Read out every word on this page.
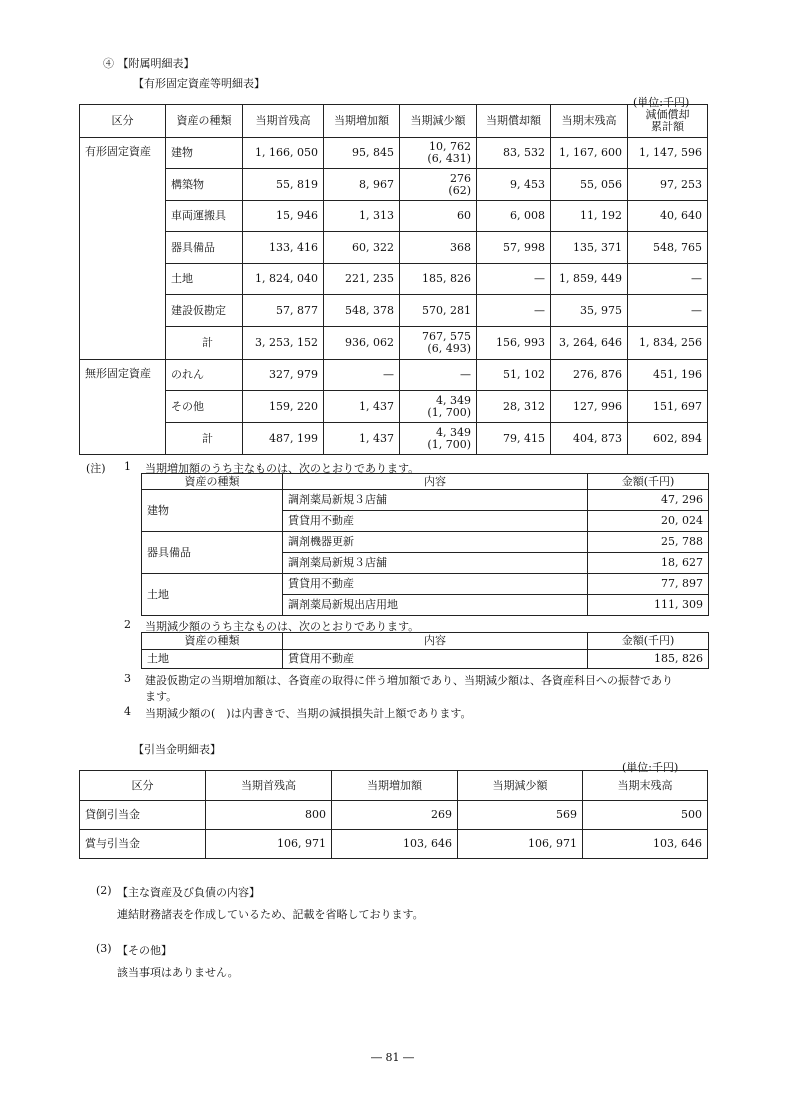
④ 【附属明細表】
【有形固定資産等明細表】
(単位:千円)
区分	資産の種類	当期首残高	当期増加額	当期減少額	当期償却額	当期末残高	減価償却
累計額
有形固定資産	建物	1, 166, 050	95, 845	10, 762
(6, 431)	83, 532	1, 167, 600	1, 147, 596
	構築物	55, 819	8, 967	276
(62)	9, 453	55, 056	97, 253
	車両運搬具	15, 946	1, 313	60	6, 008	11, 192	40, 640
	器具備品	133, 416	60, 322	368	57, 998	135, 371	548, 765
	土地	1, 824, 040	221, 235	185, 826	—	1, 859, 449	—
	建設仮勘定	57, 877	548, 378	570, 281	—	35, 975	—
	計	3, 253, 152	936, 062	767, 575
(6, 493)	156, 993	3, 264, 646	1, 834, 256
無形固定資産	のれん	327, 979	—	—	51, 102	276, 876	451, 196
	その他	159, 220	1, 437	4, 349
(1, 700)	28, 312	127, 996	151, 697
	計	487, 199	1, 437	4, 349
(1, 700)	79, 415	404, 873	602, 894
(注) 1 当期増加額のうち主なものは、次のとおりであります。
資産の種類	内容	金額(千円)
建物	調剤薬局新規３店舗	47, 296
	賃貸用不動産	20, 024
器具備品	調剤機器更新	25, 788
	調剤薬局新規３店舗	18, 627
土地	賃貸用不動産	77, 897
	調剤薬局新規出店用地	111, 309
2 当期減少額のうち主なものは、次のとおりであります。
資産の種類	内容	金額(千円)
土地	賃貸用不動産	185, 826
3 建設仮勘定の当期増加額は、各資産の取得に伴う増加額であり、当期減少額は、各資産科目への振替であり
ます。
4 当期減少額の(　)は内書きで、当期の減損損失計上額であります。
【引当金明細表】
(単位:千円)
区分	当期首残高	当期増加額	当期減少額	当期末残高
貸倒引当金	800	269	569	500
賞与引当金	106, 971	103, 646	106, 971	103, 646
(2) 【主な資産及び負債の内容】
連結財務諸表を作成しているため、記載を省略しております。
(3) 【その他】
該当事項はありません。
― 81 ―
